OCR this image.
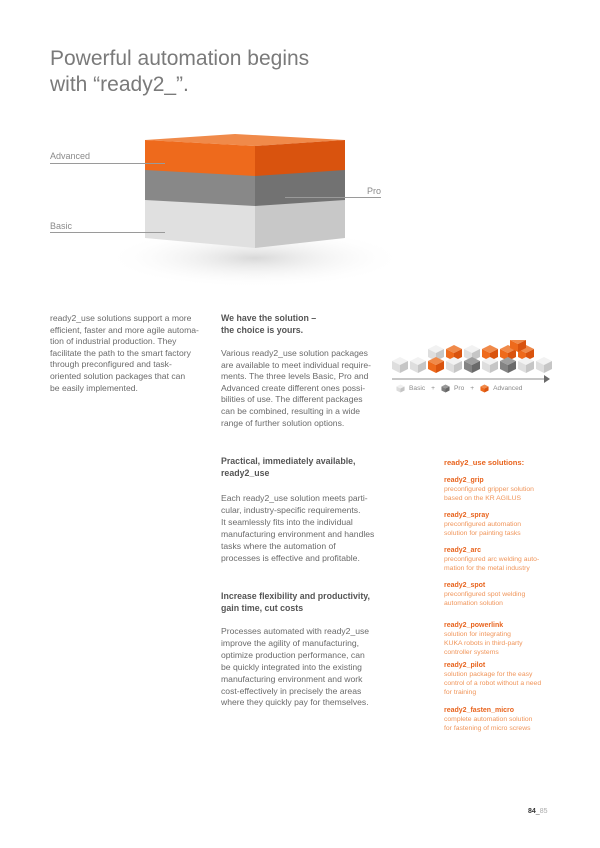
Powerful automation begins
with “ready2_”.
Advanced
Pro
Basic

ready2_use solutions support a more
efficient, faster and more agile automa-
tion of industrial production. They
facilitate the path to the smart factory
through preconfigured and task-
oriented solution packages that can
be easily implemented.

We have the solution –
the choice is yours.

Various ready2_use solution packages
are available to meet individual require-
ments. The three levels Basic, Pro and
Advanced create different ones possi-
bilities of use. The different packages
can be combined, resulting in a wide
range of further solution options.

Basic +	Pro +	Advanced
Practical, immediately available,
ready2_use

Each ready2_use solution meets parti-
cular, industry-specific requirements.
It seamlessly fits into the individual
manufacturing environment and handles
tasks where the automation of
processes is effective and profitable.

Increase flexibility and productivity,
gain time, cut costs

Processes automated with ready2_use
improve the agility of manufacturing,
optimize production performance, can
be quickly integrated into the existing
manufacturing environment and work
cost-effectively in precisely the areas
where they quickly pay for themselves.

ready2_use solutions:
ready2_grip
preconfigured gripper solution
based on the KR AGILUS
ready2_spray
preconfigured automation
solution for painting tasks
ready2_arc
preconfigured arc welding auto-
mation for the metal industry
ready2_spot
preconfigured spot welding
automation solution
ready2_powerlink
solution for integrating
KUKA robots in third-party
controller systems
ready2_pilot
solution package for the easy
control of a robot without a need
for training
ready2_fasten_micro
complete automation solution
for fastening of micro screws
84_85
